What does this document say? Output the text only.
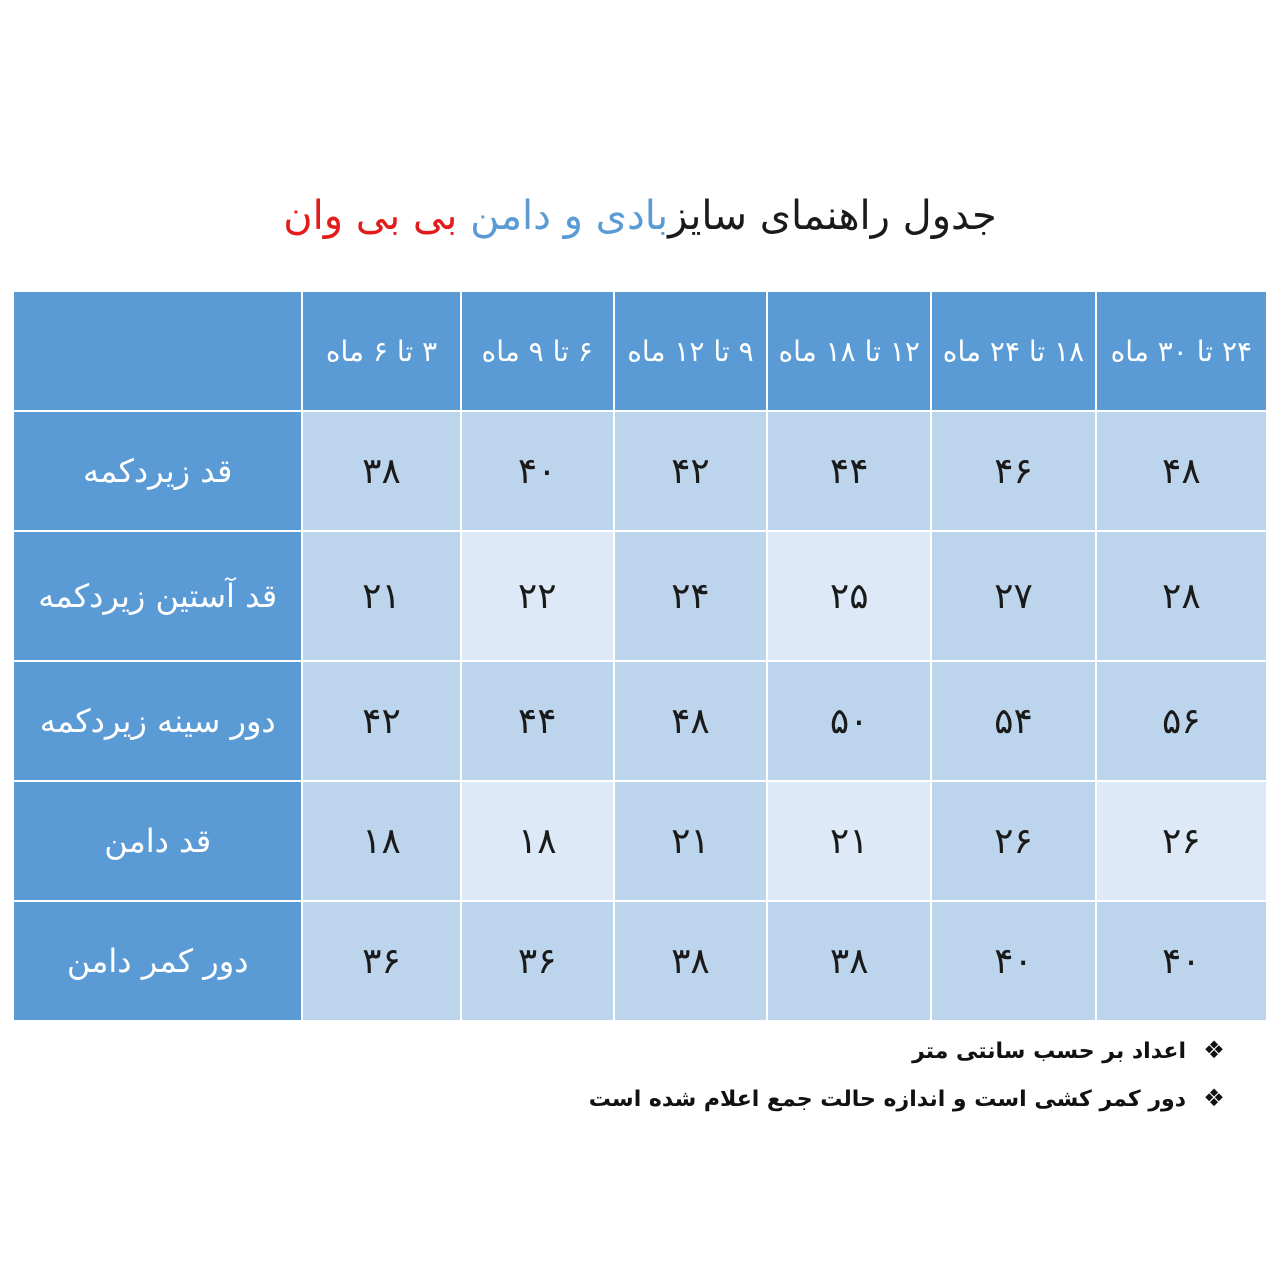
جدول راهنمای سایزبادی و دامن بی بی وان
۲۴ تا ۳۰ ماه	۱۸ تا ۲۴ ماه	۱۲ تا ۱۸ ماه	۹ تا ۱۲ ماه	۶ تا ۹ ماه	۳ تا ۶ ماه	
۴۸	۴۶	۴۴	۴۲	۴۰	۳۸	قد زیردکمه
۲۸	۲۷	۲۵	۲۴	۲۲	۲۱	قد آستین زیردکمه
۵۶	۵۴	۵۰	۴۸	۴۴	۴۲	دور سینه زیردکمه
۲۶	۲۶	۲۱	۲۱	۱۸	۱۸	قد دامن
۴۰	۴۰	۳۸	۳۸	۳۶	۳۶	دور کمر دامن
❖اعداد بر حسب سانتی متر
❖دور کمر کشی است و اندازه حالت جمع اعلام شده است
